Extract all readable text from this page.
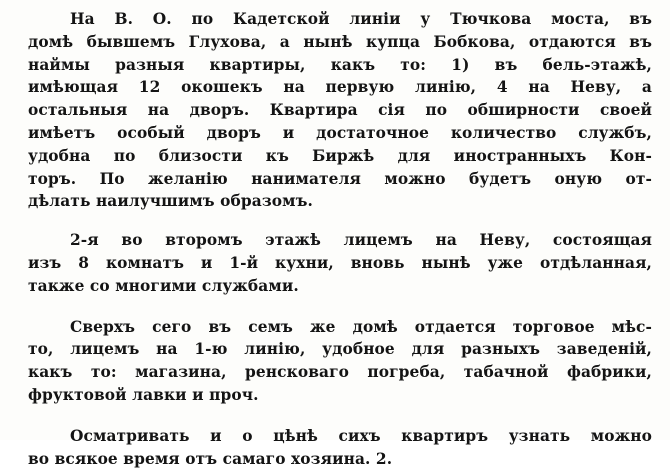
На В. О. по Кадетской линіи у Тючкова моста, въ
домѣ бывшемъ Глухова, а нынѣ купца Бобкова, отдаются въ
наймы разныя квартиры, какъ то: 1) въ бель-этажѣ,
имѣющая 12 окошекъ на первую линію, 4 на Неву, а
остальныя на дворъ. Квартира сія по обширности своей
имѣетъ особый дворъ и достаточное количество службъ,
удобна по близости къ Биржѣ для иностранныхъ Кон-
торъ. По желанію нанимателя можно будетъ оную от-
дѣлать наилучшимъ образомъ.
2-я во второмъ этажѣ лицемъ на Неву, состоящая
изъ 8 комнатъ и 1-й кухни, вновь нынѣ уже отдѣланная,
также со многими службами.
Сверхъ сего въ семъ же домѣ отдается торговое мѣс-
то, лицемъ на 1-ю линію, удобное для разныхъ заведеній,
какъ то: магазина, ренсковаго погреба, табачной фабрики,
фруктовой лавки и проч.
Осматривать и о цѣнѣ сихъ квартиръ узнать можно
во всякое время отъ самаго хозяина. 2.
